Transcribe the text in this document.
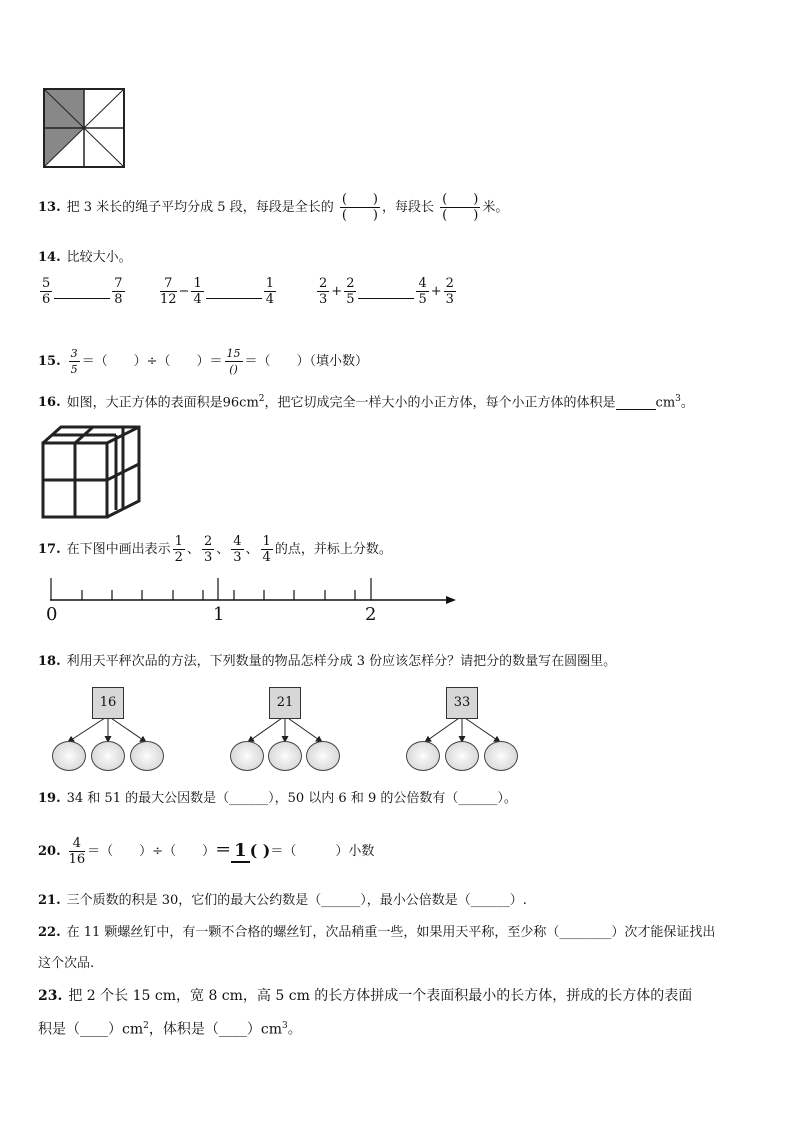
13. 把 3 米长的绳子平均分成 5 段，每段是全长的 $\frac{( )}{( )}$ ，每段长 $\frac{( )}{( )}$ 米。
14. 比较大小。
$\frac{5}{6}$	$\frac{7}{8}$	$\frac{7}{12} - \frac{1}{4}$	$\frac{1}{4}$	$\frac{2}{3} + \frac{2}{5}$	$\frac{4}{5} + \frac{2}{3}$
15. $\frac{3}{5}$ ＝（　　）÷（　　）＝ $\frac{15}{()}$ ＝（　　）（填小数）
16. 如图，大正方体的表面积是$96cm^2$，把它切成完全一样大小的小正方体，每个小正方体的体积是	$cm^3$。
17. 在下图中画出表示 $\frac{1}{2}$ 、 $\frac{2}{3}$ 、 $\frac{4}{3}$ 、 $\frac{1}{4}$ 的点，并标上分数。
0	1	2
18. 利用天平秤次品的方法，下列数量的物品怎样分成 3 份应该怎样分？请把分的数量写在圆圈里。
16	21	33
19. 34 和 51 的最大公因数是（______），50 以内 6 和 9 的公倍数有（______）。
20. $\frac{4}{16}$ ＝（　　）÷（　　）＝ 1 ( )＝（　　　）小数
21. 三个质数的积是 30，它们的最大公约数是（______），最小公倍数是（______）.
22. 在 11 颗螺丝钉中，有一颗不合格的螺丝钉，次品稍重一些，如果用天平称，至少称（________）次才能保证找出
这个次品.
23. 把 2 个长 15 cm，宽 8 cm，高 5 cm 的长方体拼成一个表面积最小的长方体，拼成的长方体的表面
积是$(\_\_\_\_)cm^2$，体积是$(\_\_\_\_)cm^3$。
